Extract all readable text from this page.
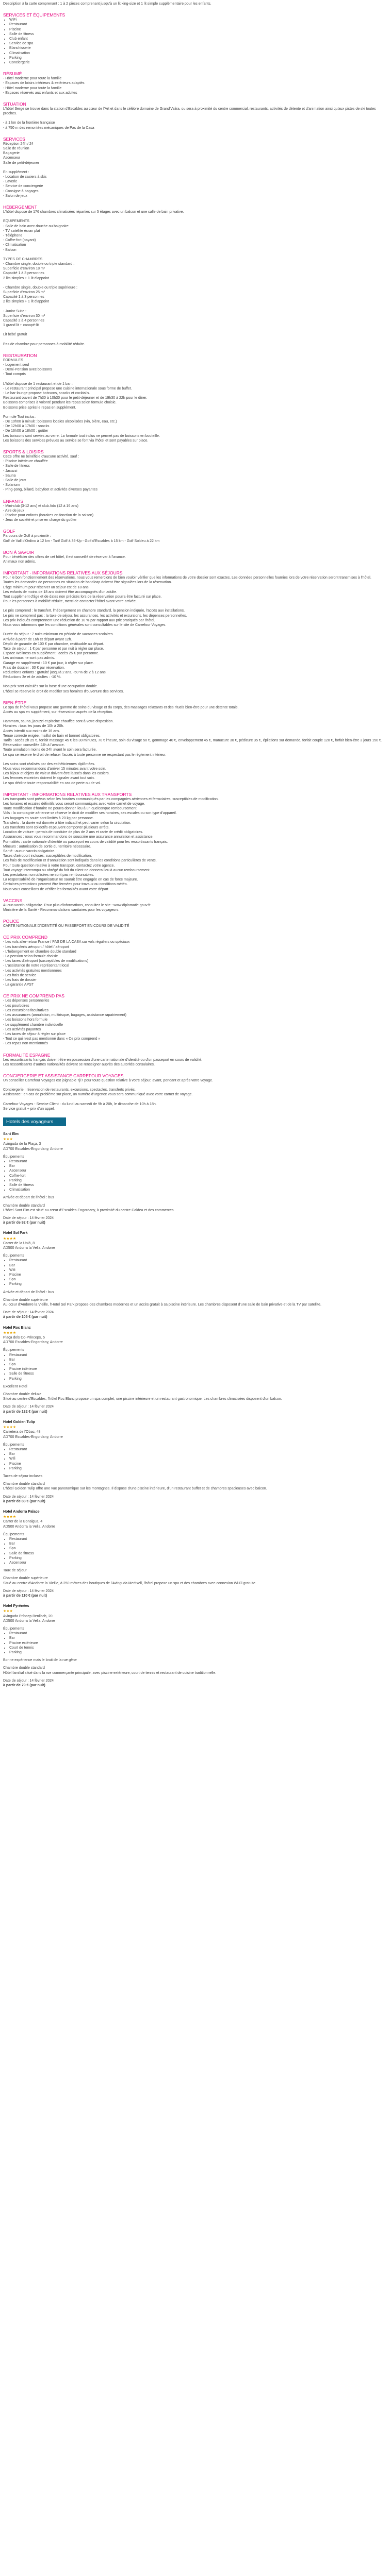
Description à la carte comprenant : 1 à 2 pièces comprenant jusqu'à un lit king-size et 1 lit simple supplémentaire pour les enfants.

SERVICES ET ÉQUIPEMENTS
• WiFi
• Restaurant
• Piscine
• Salle de fitness
• Club enfant
• Service de spa
• Blanchisserie
• Climatisation
• Parking
• Conciergerie
RÉSUMÉ

- Hôtel moderne pour toute la famille

- Espaces de loisirs intérieurs & extérieurs adaptés

- Hôtel moderne pour toute la famille

- Espaces réservés aux enfants et aux adultes

SITUATION

L'hôtel Serge se trouve dans la station d'Escaldes au cœur de l'Art et dans le célèbre domaine de Grand'Valira, ou sera à proximité du centre commercial, restaurants, activités de détente et d'animation ainsi qu'aux pistes de ski toutes proches.

- à 1 km de la frontière française

- à 750 m des remontées mécaniques de Pas de la Casa

SERVICES

Réception 24h / 24

Salle de réunion

Bagagerie

Ascenseur

Salle de petit-déjeuner

En supplément :

- Location de casiers à skis

- Laverie

- Service de conciergerie

- Consigne à bagages

- Salon de jeux

HÉBERGEMENT

L'hôtel dispose de 176 chambres climatisées réparties sur 5 étages avec un balcon et une salle de bain privative.

EQUIPEMENTS

- Salle de bain avec douche ou baignoire

- TV satellite écran plat

- Téléphone

- Coffre-fort (payant)

- Climatisation

- Balcon

TYPES DE CHAMBRES

- Chambre single, double ou triple standard :

Superficie d'environ 18 m²

Capacité 1 à 3 personnes

2 lits simples + 1 lit d'appoint

- Chambre single, double ou triple supérieure :

Superficie d'environ 25 m²

Capacité 1 à 3 personnes

2 lits simples + 1 lit d'appoint

- Junior Suite :

Superficie d'environ 30 m²

Capacité 2 à 4 personnes

1 grand lit + canapé-lit

Lit bébé gratuit

Pas de chambre pour personnes à mobilité réduite.

RESTAURATION

FORMULES

- Logement seul

- Demi-Pension avec boissons

- Tout compris

L'hôtel dispose de 1 restaurant et de 1 bar :

- Le restaurant principal propose une cuisine internationale sous forme de buffet.

- Le bar-lounge propose boissons, snacks et cocktails.

Restaurant ouvert de 7h30 à 10h30 pour le petit-déjeuner et de 19h30 à 22h pour le dîner.

Boissons comprises à volonté pendant les repas selon formule choisie.

Boissons prise après le repas en supplément.

Formule Tout inclus :

- De 10h00 à minuit : boissons locales alcoolisées (vin, bière, eau, etc.)

- De 12h00 à 17h00 : snacks

- De 16h00 à 18h00 : goûter

Les boissons sont servies au verre. La formule tout inclus ne permet pas de boissons en bouteille.

Les boissons des services prévues au service se font via l'hôtel et sont payables sur place.

SPORTS & LOISIRS

Cette offre ne bénéficie d'aucune activité, sauf :

- Piscine intérieure chauffée

- Salle de fitness

- Jacuzzi

- Sauna

- Salle de jeux

- Solarium

- Ping-pong, billard, babyfoot et activités diverses payantes

ENFANTS

- Mini-club (3-12 ans) et club Ado (12 à 16 ans)

- Aire de jeux

- Piscine pour enfants (horaires en fonction de la saison)

- Jeux de société et prise en charge du goûter

GOLF

Parcours de Golf à proximité :

Golf de Vall d'Ordino à 12 km - Tarif Golf à 39 €/p - Golf d'Escaldes à 15 km - Golf Soldeu à 22 km

BON À SAVOIR

Pour bénéficier des offres de cet hôtel, il est conseillé de réserver à l'avance.

Animaux non admis.

IMPORTANT - INFORMATIONS RELATIVES AUX SÉJOURS

Pour le bon fonctionnement des réservations, nous vous remercions de bien vouloir vérifier que les informations de votre dossier sont exactes. Les données personnelles fournies lors de votre réservation seront transmises à l'hôtel.

Toutes les demandes de personnes en situation de handicap doivent être signalées lors de la réservation.

L'âge minimum pour réserver un séjour est de 18 ans.

Les enfants de moins de 18 ans doivent être accompagnés d'un adulte.

Tout supplément d'âge et de dates non précisés lors de la réservation pourra être facturé sur place.

Pour les personnes à mobilité réduite, merci de contacter l'hôtel avant votre arrivée.

Le prix comprend : le transfert, l'hébergement en chambre standard, la pension indiquée, l'accès aux installations.

Le prix ne comprend pas : la taxe de séjour, les assurances, les activités et excursions, les dépenses personnelles.

Les prix indiqués comprennent une réduction de 10 % par rapport aux prix pratiqués par l'hôtel.

Nous vous informons que les conditions générales sont consultables sur le site de Carrefour Voyages.

Durée du séjour : 7 nuits minimum en période de vacances scolaires.

Arrivée à partir de 16h et départ avant 12h.

Dépôt de garantie de 100 € par chambre, restituable au départ.

Taxe de séjour : 1 € par personne et par nuit à régler sur place.

Espace Wellness en supplément : accès 25 € par personne.

Les animaux ne sont pas admis.

Garage en supplément : 10 € par jour, à régler sur place.

Frais de dossier : 30 € par réservation.

Réductions enfants : gratuité jusqu'à 2 ans, -50 % de 2 à 12 ans.

Réductions 3e et 4e adultes : -10 %.

Nos prix sont calculés sur la base d'une occupation double.

L'hôtel se réserve le droit de modifier ses horaires d'ouverture des services.

BIEN-ÊTRE

Le spa de l'hôtel vous propose une gamme de soins du visage et du corps, des massages relaxants et des rituels bien-être pour une détente totale.

Accès au spa en supplément, sur réservation auprès de la réception.

Hammam, sauna, jacuzzi et piscine chauffée sont à votre disposition.

Horaires : tous les jours de 10h à 20h.

Accès interdit aux moins de 16 ans.

Tenue correcte exigée, maillot de bain et bonnet obligatoires.

Tarifs : accès 2h 25 €, forfait massage 45 € les 30 minutes, 70 € l'heure, soin du visage 50 €, gommage 40 €, enveloppement 45 €, manucure 30 €, pédicure 35 €, épilations sur demande, forfait couple 120 €, forfait bien-être 3 jours 150 €.

Réservation conseillée 24h à l'avance.

Toute annulation moins de 24h avant le soin sera facturée.

Le spa se réserve le droit de refuser l'accès à toute personne ne respectant pas le règlement intérieur.

Les soins sont réalisés par des esthéticiennes diplômées.

Nous vous recommandons d'arriver 15 minutes avant votre soin.

Les bijoux et objets de valeur doivent être laissés dans les casiers.

Les femmes enceintes doivent le signaler avant tout soin.

Le spa décline toute responsabilité en cas de perte ou de vol.

IMPORTANT - INFORMATIONS RELATIVES AUX TRANSPORTS

Les transports sont prévus selon les horaires communiqués par les compagnies aériennes et ferroviaires, susceptibles de modification.

Les horaires et escales définitifs vous seront communiqués avec votre carnet de voyage.

Toute modification d'horaire ne pourra donner lieu à un quelconque remboursement.

Vols : la compagnie aérienne se réserve le droit de modifier ses horaires, ses escales ou son type d'appareil.

Les bagages en soute sont limités à 20 kg par personne.

Transferts : la durée est donnée à titre indicatif et peut varier selon la circulation.

Les transferts sont collectifs et peuvent comporter plusieurs arrêts.

Location de voiture : permis de conduire de plus de 2 ans et carte de crédit obligatoires.

Assurances : nous vous recommandons de souscrire une assurance annulation et assistance.

Formalités : carte nationale d'identité ou passeport en cours de validité pour les ressortissants français.

Mineurs : autorisation de sortie du territoire nécessaire.

Santé : aucun vaccin obligatoire.

Taxes d'aéroport incluses, susceptibles de modification.

Les frais de modification et d'annulation sont indiqués dans les conditions particulières de vente.

Pour toute question relative à votre transport, contactez votre agence.

Tout voyage interrompu ou abrégé du fait du client ne donnera lieu à aucun remboursement.

Les prestations non utilisées ne sont pas remboursables.

La responsabilité de l'organisateur ne saurait être engagée en cas de force majeure.

Certaines prestations peuvent être fermées pour travaux ou conditions météo.

Nous vous conseillons de vérifier les formalités avant votre départ.

VACCINS

Aucun vaccin obligatoire. Pour plus d'informations, consultez le site : www.diplomatie.gouv.fr

Ministère de la Santé - Recommandations sanitaires pour les voyageurs.

POLICE

CARTE NATIONALE D'IDENTITÉ OU PASSEPORT EN COURS DE VALIDITÉ

CE PRIX COMPREND

- Les vols aller-retour France / PAS DE LA CASA sur vols réguliers ou spéciaux

- Les transferts aéroport / hôtel / aéroport

- L'hébergement en chambre double standard

- La pension selon formule choisie

- Les taxes d'aéroport (susceptibles de modifications)

- L'assistance de notre représentant local

- Les activités gratuites mentionnées

- Les frais de service

- Les frais de dossier

- La garantie APST

CE PRIX NE COMPREND PAS

- Les dépenses personnelles

- Les pourboires

- Les excursions facultatives

- Les assurances (annulation, multirisque, bagages, assistance rapatriement)

- Les boissons hors formule

- Le supplément chambre individuelle

- Les activités payantes

- Les taxes de séjour à régler sur place

- Tout ce qui n'est pas mentionné dans « Ce prix comprend »

- Les repas non mentionnés

FORMALITÉ ESPAGNE

Les ressortissants français doivent être en possession d'une carte nationale d'identité ou d'un passeport en cours de validité.

Les ressortissants d'autres nationalités doivent se renseigner auprès des autorités consulaires.

CONCIERGERIE ET ASSISTANCE CARREFOUR VOYAGES

Un conseiller Carrefour Voyages est joignable 7j/7 pour toute question relative à votre séjour, avant, pendant et après votre voyage.

Conciergerie : réservation de restaurants, excursions, spectacles, transferts privés.

Assistance : en cas de problème sur place, un numéro d'urgence vous sera communiqué avec votre carnet de voyage.

Carrefour Voyages - Service Client : du lundi au samedi de 9h à 20h, le dimanche de 10h à 18h.

Service gratuit + prix d'un appel.

Hotels des voyageurs

Sant Elm

★★★

Avinguda de la Plaça, 3
AD700 Escaldes-Engordany, Andorre

Équipements

• Restaurant
• Bar
• Ascenseur
• Coffre-fort
• Parking
• Salle de fitness
• Climatisation

Arrivée et départ de l'hôtel : bus

Chambre double standard

L'hôtel Sant Elm est situé au cœur d'Escaldes-Engordany, à proximité du centre Caldea et des commerces.

Date de séjour : 14 février 2024

à partir de 92 € (par nuit)

Hotel Sol Park

★★★★

Carrer de la Unió, 8
AD500 Andorra la Vella, Andorre

Équipements

• Restaurant
• Bar
• Wifi
• Piscine
• Spa
• Parking

Arrivée et départ de l'hôtel : bus

Chambre double supérieure

Au cœur d'Andorre la Vieille, l'Hotel Sol Park propose des chambres modernes et un accès gratuit à sa piscine intérieure. Les chambres disposent d'une salle de bain privative et de la TV par satellite.

Date de séjour : 14 février 2024

à partir de 105 € (par nuit)

Hotel Roc Blanc

★★★★

Plaça dels Co-Prínceps, 5
AD700 Escaldes-Engordany, Andorre

Équipements

• Restaurant
• Bar
• Spa
• Piscine intérieure
• Salle de fitness
• Parking

Excellent Hotel

Chambre double deluxe

Situé au centre d'Escaldes, l'hôtel Roc Blanc propose un spa complet, une piscine intérieure et un restaurant gastronomique. Les chambres climatisées disposent d'un balcon.

Date de séjour : 14 février 2024

à partir de 132 € (par nuit)

Hotel Golden Tulip

★★★★

Carretera de l'Obac, 48
AD700 Escaldes-Engordany, Andorre

Équipements

• Restaurant
• Bar
• Wifi
• Piscine
• Parking

Taxes de séjour incluses

Chambre double standard

L'hôtel Golden Tulip offre une vue panoramique sur les montagnes. Il dispose d'une piscine intérieure, d'un restaurant buffet et de chambres spacieuses avec balcon.

Date de séjour : 14 février 2024

à partir de 88 € (par nuit)

Hotel Andorra Palace

★★★★

Carrer de la Bonaigua, 4
AD500 Andorra la Vella, Andorre

Équipements

• Restaurant
• Bar
• Spa
• Salle de fitness
• Parking
• Ascenseur

Taux de séjour

Chambre double supérieure

Situé au centre d'Andorre la Vieille, à 250 mètres des boutiques de l'Avinguda Meritxell, l'hôtel propose un spa et des chambres avec connexion Wi-Fi gratuite.

Date de séjour : 14 février 2024

à partir de 110 € (par nuit)

Hotel Pyrénées

★★★

Avinguda Príncep Benlloch, 20
AD500 Andorra la Vella, Andorre

Équipements

• Restaurant
• Bar
• Piscine extérieure
• Court de tennis
• Parking

Bonne expérience mais le bruit de la rue gêne

Chambre double standard

Hôtel familial situé dans la rue commerçante principale, avec piscine extérieure, court de tennis et restaurant de cuisine traditionnelle.

Date de séjour : 14 février 2024

à partir de 79 € (par nuit)
